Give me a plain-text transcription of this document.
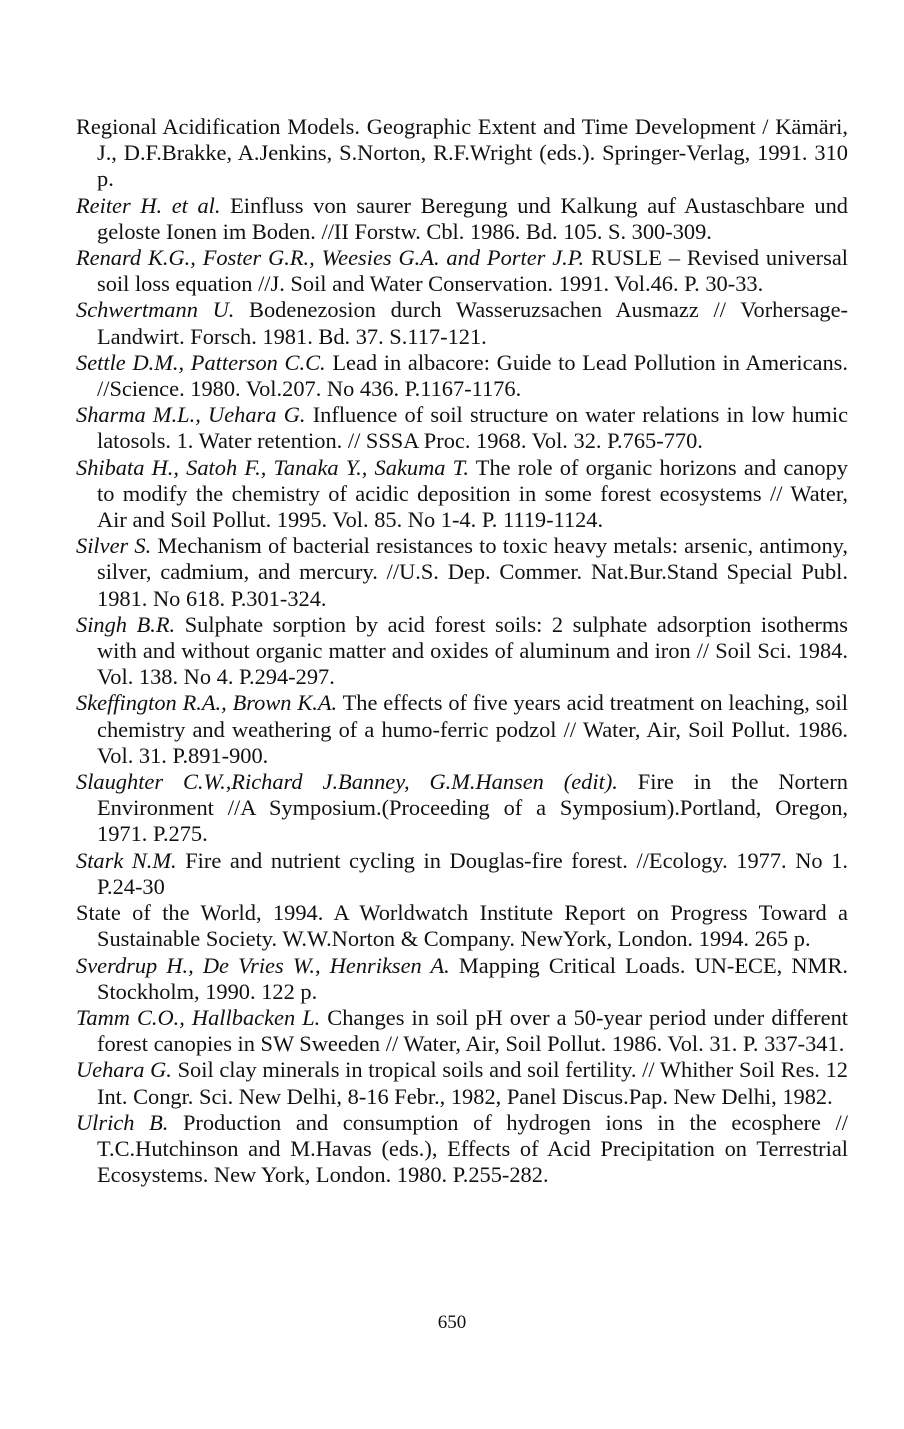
Regional Acidification Models. Geographic Extent and Time Development / Kämäri, J., D.F.Brakke, A.Jenkins, S.Norton, R.F.Wright (eds.). Springer-Verlag, 1991. 310 p.

Reiter H. et al. Einfluss von saurer Beregung und Kalkung auf Austaschbare und geloste Ionen im Boden. //II Forstw. Cbl. 1986. Bd. 105. S. 300-309.

Renard K.G., Foster G.R., Weesies G.A. and Porter J.P. RUSLE – Revised universal soil loss equation //J. Soil and Water Conservation. 1991. Vol.46. P. 30-33.

Schwertmann U. Bodenezosion durch Wasseruzsachen Ausmazz // Vorhersage-Landwirt. Forsch. 1981. Bd. 37. S.117-121.

Settle D.M., Patterson C.C. Lead in albacore: Guide to Lead Pollution in Americans. //Science. 1980. Vol.207. No 436. P.1167-1176.

Sharma M.L., Uehara G. Influence of soil structure on water relations in low humic latosols. 1. Water retention. // SSSA Proc. 1968. Vol. 32. P.765-770.

Shibata H., Satoh F., Tanaka Y., Sakuma T. The role of organic horizons and canopy to modify the chemistry of acidic deposition in some forest ecosystems // Water, Air and Soil Pollut. 1995. Vol. 85. No 1-4. P. 1119-1124.

Silver S. Mechanism of bacterial resistances to toxic heavy metals: arsenic, antimony, silver, cadmium, and mercury. //U.S. Dep. Commer. Nat.Bur.Stand Special Publ. 1981. No 618. P.301-324.

Singh B.R. Sulphate sorption by acid forest soils: 2 sulphate adsorption isotherms with and without organic matter and oxides of aluminum and iron // Soil Sci. 1984. Vol. 138. No 4. P.294-297.

Skeffington R.A., Brown K.A. The effects of five years acid treatment on leaching, soil chemistry and weathering of a humo-ferric podzol // Water, Air, Soil Pollut. 1986. Vol. 31. P.891-900.

Slaughter C.W.,Richard J.Banney, G.M.Hansen (edit). Fire in the Nortern Environment //A Symposium.(Proceeding of a Symposium).Portland, Oregon, 1971. P.275.

Stark N.M. Fire and nutrient cycling in Douglas-fire forest. //Ecology. 1977. No 1. P.24-30

State of the World, 1994. A Worldwatch Institute Report on Progress Toward a Sustainable Society. W.W.Norton & Company. NewYork, London. 1994. 265 p.

Sverdrup H., De Vries W., Henriksen A. Mapping Critical Loads. UN-ECE, NMR. Stockholm, 1990. 122 p.

Tamm C.O., Hallbacken L. Changes in soil pH over a 50-year period under different forest canopies in SW Sweeden // Water, Air, Soil Pollut. 1986. Vol. 31. P. 337-341.

Uehara G. Soil clay minerals in tropical soils and soil fertility. // Whither Soil Res. 12 Int. Congr. Sci. New Delhi, 8-16 Febr., 1982, Panel Discus.Pap. New Delhi, 1982.

Ulrich B. Production and consumption of hydrogen ions in the ecosphere // T.C.Hutchinson and M.Havas (eds.), Effects of Acid Precipitation on Terrestrial Ecosystems. New York, London. 1980. P.255-282.

650
